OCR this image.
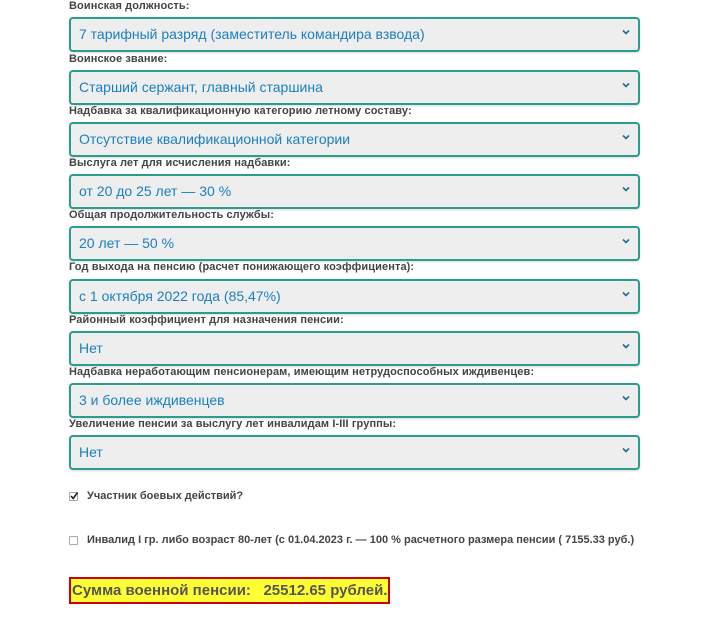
Воинская должность:
7 тарифный разряд (заместитель командира взвода)
Воинское звание:
Старший сержант, главный старшина
Надбавка за квалификационную категорию летному составу:
Отсутствие квалификационной категории
Выслуга лет для исчисления надбавки:
от 20 до 25 лет — 30 %
Общая продолжительность службы:
20 лет — 50 %
Год выхода на пенсию (расчет понижающего коэффициента):
с 1 октября 2022 года (85,47%)
Районный коэффициент для назначения пенсии:
Нет
Надбавка неработающим пенсионерам, имеющим нетрудоспособных иждивенцев:
3 и более иждивенцев
Увеличение пенсии за выслугу лет инвалидам I-III группы:
Нет
Участник боевых действий?
Инвалид I гр. либо возраст 80-лет (с 01.04.2023 г. — 100 % расчетного размера пенсии ( 7155.33 руб.)
Сумма военной пенсии:
25512.65
рублей.
